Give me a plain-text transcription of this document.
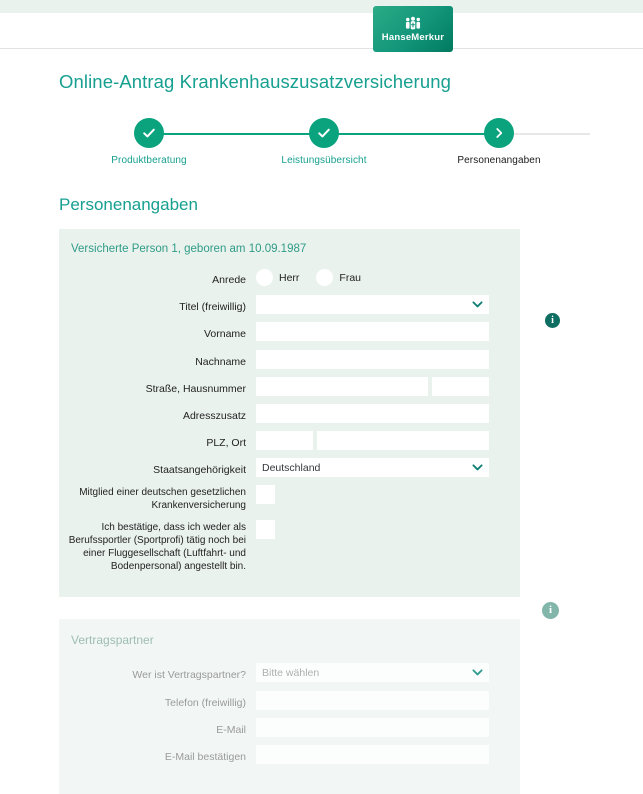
HanseMerkur
Online-Antrag Krankenhauszusatzversicherung
Produktberatung	Leistungsübersicht	Personenangaben
Personenangaben
Versicherte Person 1, geboren am 10.09.1987
Anrede	Herr	Frau
Titel (freiwillig)
Vorname
Nachname
Straße, Hausnummer
Adresszusatz
PLZ, Ort
Staatsangehörigkeit	Deutschland
Mitglied einer deutschen gesetzlichen Krankenversicherung
Ich bestätige, dass ich weder als Berufssportler (Sportprofi) tätig noch bei einer Fluggesellschaft (Luftfahrt- und Bodenpersonal) angestellt bin.
i
Vertragspartner
Wer ist Vertragspartner?	Bitte wählen
Telefon (freiwillig)
E-Mail
E-Mail bestätigen
i
